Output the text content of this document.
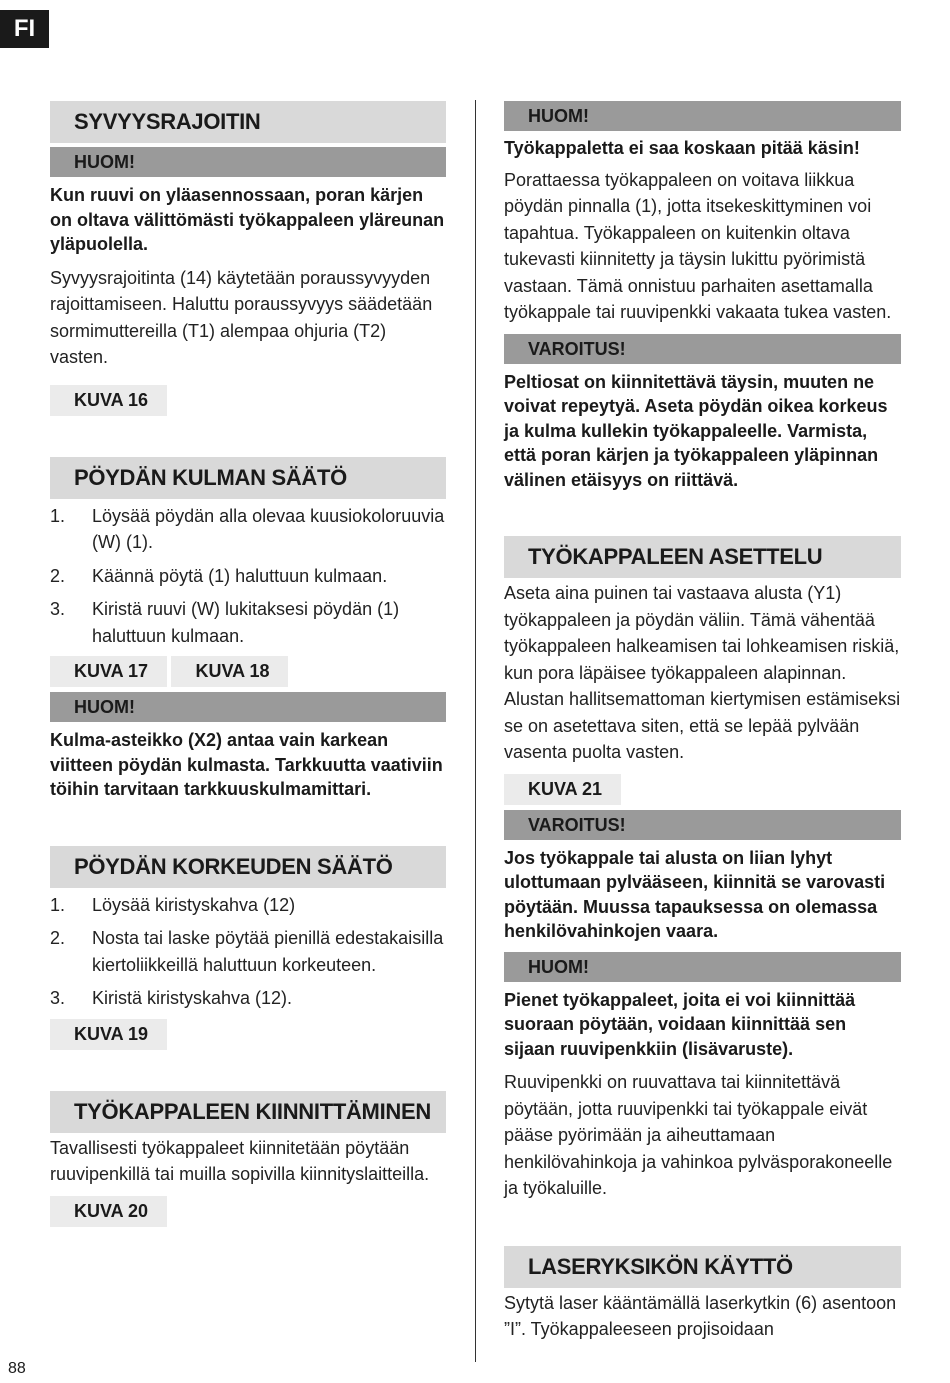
FI
SYVYYSRAJOITIN
HUOM!
Kun ruuvi on yläasennossaan, poran kärjen on oltava välittömästi työkappaleen yläreunan yläpuolella.
Syvyysrajoitinta (14) käytetään poraussyvyyden rajoittamiseen. Haluttu poraussyvyys säädetään sormimuttereilla (T1) alempaa ohjuria (T2) vasten.
KUVA 16
PÖYDÄN KULMAN SÄÄTÖ
1. Löysää pöydän alla olevaa kuusiokoloruuvia (W) (1).
2. Käännä pöytä (1) haluttuun kulmaan.
3. Kiristä ruuvi (W) lukitaksesi pöydän (1) haluttuun kulmaan.
KUVA 17	KUVA 18
HUOM!
Kulma-asteikko (X2) antaa vain karkean viitteen pöydän kulmasta. Tarkkuutta vaativiin töihin tarvitaan tarkkuuskulmamittari.
PÖYDÄN KORKEUDEN SÄÄTÖ
1. Löysää kiristyskahva (12)
2. Nosta tai laske pöytää pienillä edestakaisilla kiertoliikkeillä haluttuun korkeuteen.
3. Kiristä kiristyskahva (12).
KUVA 19
TYÖKAPPALEEN KIINNITTÄMINEN
Tavallisesti työkappaleet kiinnitetään pöytään ruuvipenkillä tai muilla sopivilla kiinnityslaitteilla.
KUVA 20
HUOM!
Työkappaletta ei saa koskaan pitää käsin!
Porattaessa työkappaleen on voitava liikkua pöydän pinnalla (1), jotta itsekeskittyminen voi tapahtua. Työkappaleen on kuitenkin oltava tukevasti kiinnitetty ja täysin lukittu pyörimistä vastaan. Tämä onnistuu parhaiten asettamalla työkappale tai ruuvipenkki vakaata tukea vasten.
VAROITUS!
Peltiosat on kiinnitettävä täysin, muuten ne voivat repeytyä. Aseta pöydän oikea korkeus ja kulma kullekin työkappaleelle. Varmista, että poran kärjen ja työkappaleen yläpinnan välinen etäisyys on riittävä.
TYÖKAPPALEEN ASETTELU
Aseta aina puinen tai vastaava alusta (Y1) työkappaleen ja pöydän väliin. Tämä vähentää työkappaleen halkeamisen tai lohkeamisen riskiä, kun pora läpäisee työkappaleen alapinnan. Alustan hallitsemattoman kiertymisen estämiseksi se on asetettava siten, että se lepää pylvään vasenta puolta vasten.
KUVA 21
VAROITUS!
Jos työkappale tai alusta on liian lyhyt ulottumaan pylvääseen, kiinnitä se varovasti pöytään. Muussa tapauksessa on olemassa henkilövahinkojen vaara.
HUOM!
Pienet työkappaleet, joita ei voi kiinnittää suoraan pöytään, voidaan kiinnittää sen sijaan ruuvipenkkiin (lisävaruste).
Ruuvipenkki on ruuvattava tai kiinnitettävä pöytään, jotta ruuvipenkki tai työkappale eivät pääse pyörimään ja aiheuttamaan henkilövahinkoja ja vahinkoa pylväsporakoneelle ja työkaluille.
LASERYKSIKÖN KÄYTTÖ
Sytytä laser kääntämällä laserkytkin (6) asentoon ”I”. Työkappaleeseen projisoidaan
88
